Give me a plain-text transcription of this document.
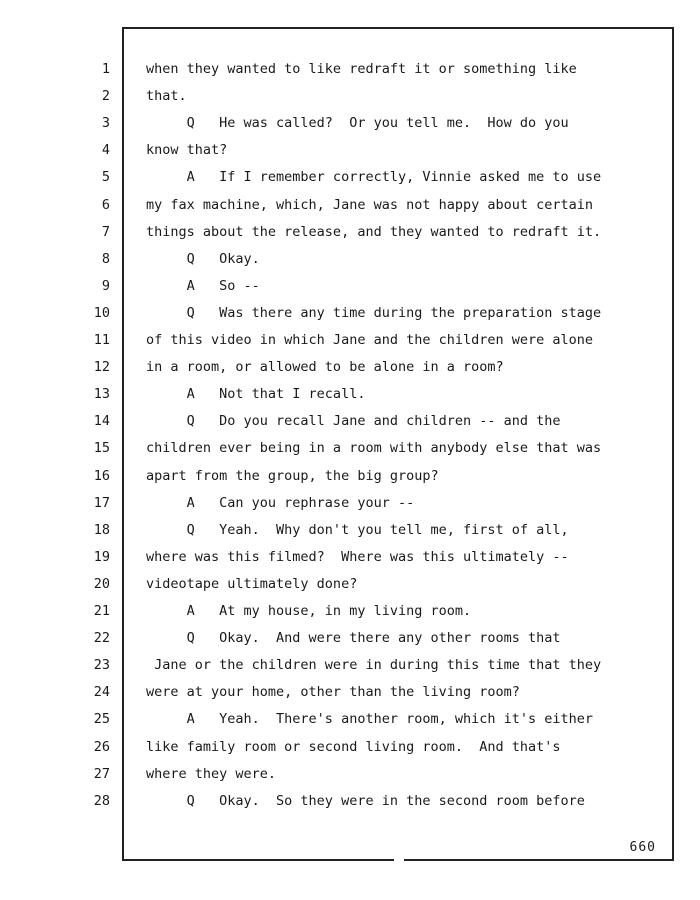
1	when they wanted to like redraft it or something like
2	that.
3	Q   He was called?  Or you tell me.  How do you
4	know that?
5	A   If I remember correctly, Vinnie asked me to use
6	my fax machine, which, Jane was not happy about certain
7	things about the release, and they wanted to redraft it.
8	Q   Okay.
9	A   So --
10	Q   Was there any time during the preparation stage
11	of this video in which Jane and the children were alone
12	in a room, or allowed to be alone in a room?
13	A   Not that I recall.
14	Q   Do you recall Jane and children -- and the
15	children ever being in a room with anybody else that was
16	apart from the group, the big group?
17	A   Can you rephrase your --
18	Q   Yeah.  Why don't you tell me, first of all,
19	where was this filmed?  Where was this ultimately --
20	videotape ultimately done?
21	A   At my house, in my living room.
22	Q   Okay.  And were there any other rooms that
23	Jane or the children were in during this time that they
24	were at your home, other than the living room?
25	A   Yeah.  There's another room, which it's either
26	like family room or second living room.  And that's
27	where they were.
28	Q   Okay.  So they were in the second room before
660
